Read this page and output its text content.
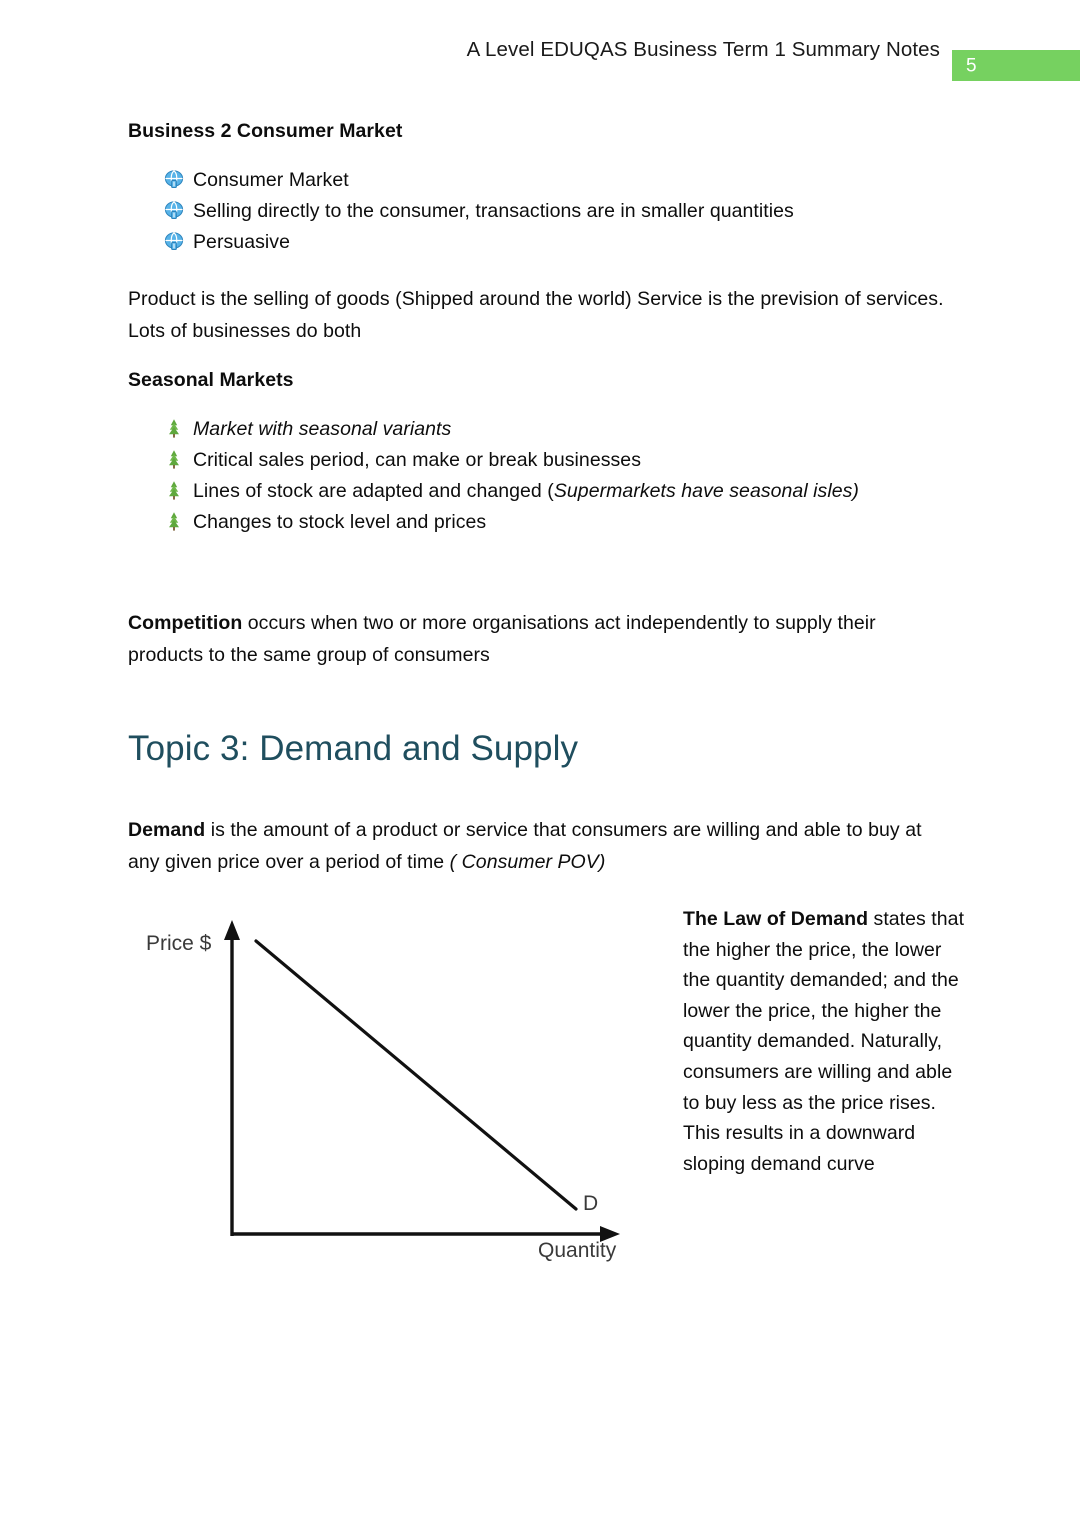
A Level EDUQAS Business Term 1 Summary Notes
5
Business 2 Consumer Market
Consumer Market
Selling directly to the consumer, transactions are in smaller quantities
Persuasive

Product is the selling of goods (Shipped around the world) Service is the prevision of services. Lots of businesses do both

Seasonal Markets
Market with seasonal variants
Critical sales period, can make or break businesses
Lines of stock are adapted and changed (Supermarkets have seasonal isles)
Changes to stock level and prices

Competition occurs when two or more organisations act independently to supply their products to the same group of consumers

Topic 3: Demand and Supply

Demand is the amount of a product or service that consumers are willing and able to buy at any given price over a period of time ( Consumer POV)

Price $
Quantity
D
The Law of Demand states that the higher the price, the lower the quantity demanded; and the lower the price, the higher the quantity demanded. Naturally, consumers are willing and able to buy less as the price rises. This results in a downward sloping demand curve
